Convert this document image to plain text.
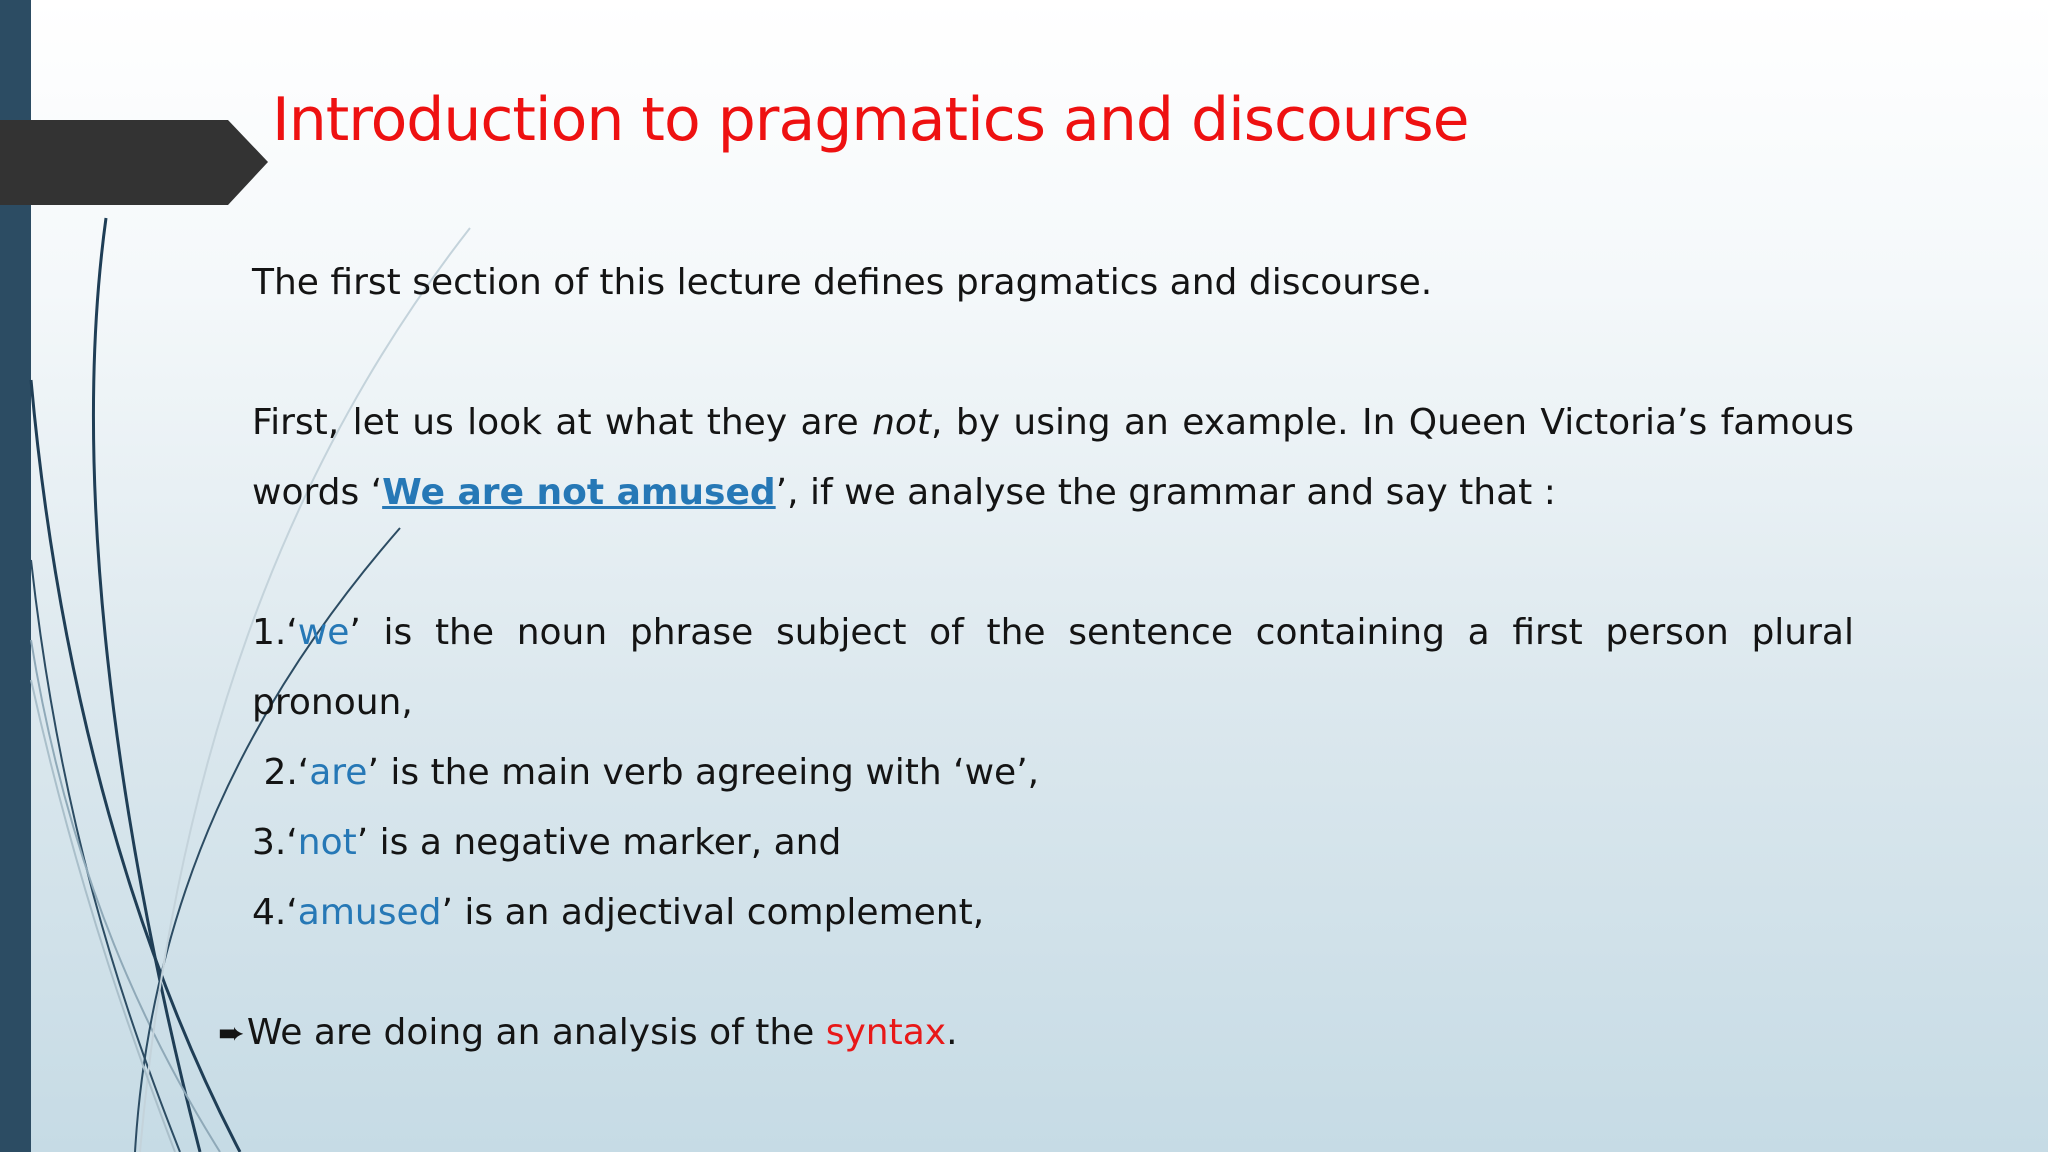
Introduction to pragmatics and discourse

The first section of this lecture defines pragmatics and discourse.

First, let us look at what they are not, by using an example. In Queen Victoria’s famous words ‘We are not amused’, if we analyse the grammar and say that :

1.‘we’ is the noun phrase subject of the sentence containing a first person plural pronoun,

2.‘are’ is the main verb agreeing with ‘we’,

3.‘not’ is a negative marker, and

4.‘amused’ is an adjectival complement,

➨We are doing an analysis of the syntax.
